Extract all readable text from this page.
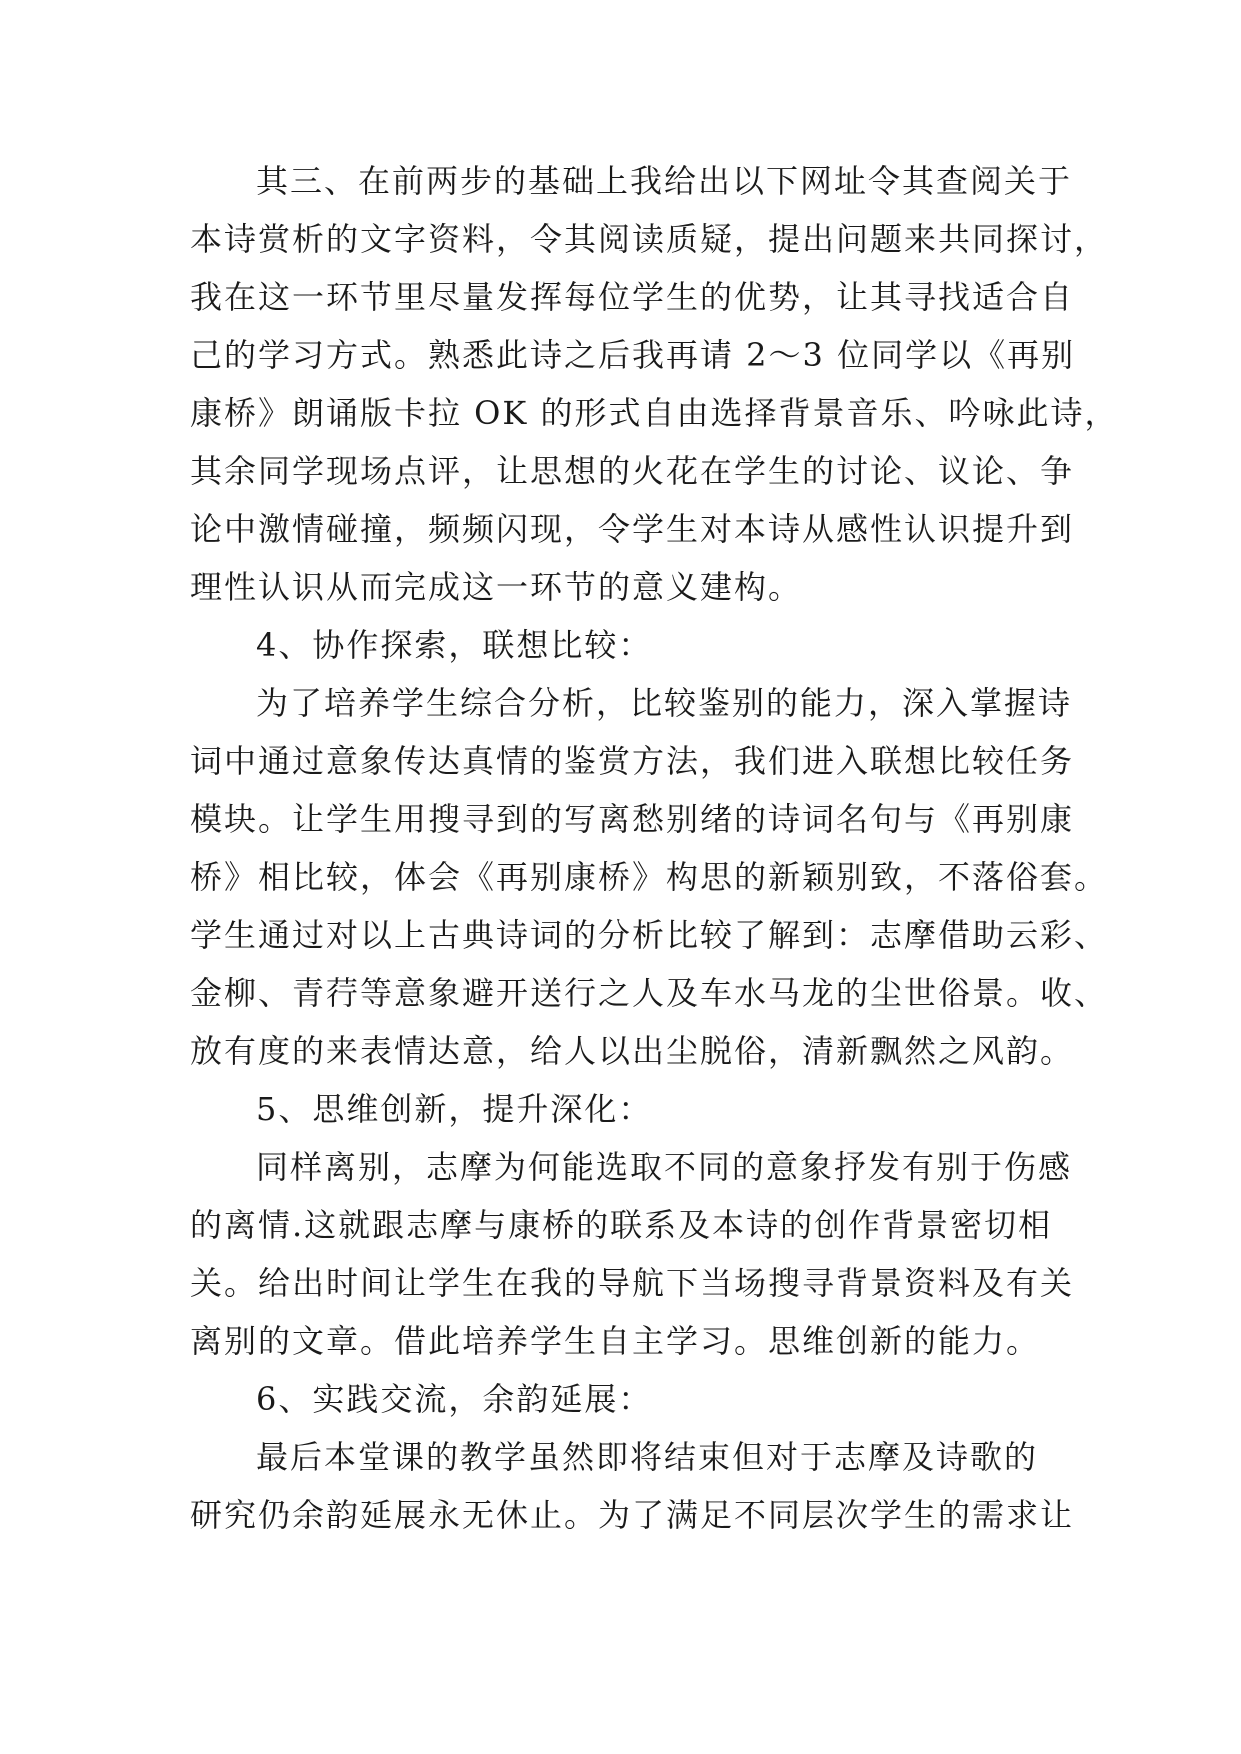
其三、在前两步的基础上我给出以下网址令其查阅关于
本诗赏析的文字资料，令其阅读质疑，提出问题来共同探讨，
我在这一环节里尽量发挥每位学生的优势，让其寻找适合自
己的学习方式。熟悉此诗之后我再请 2～3 位同学以《再别
康桥》朗诵版卡拉 OK 的形式自由选择背景音乐、吟咏此诗，
其余同学现场点评，让思想的火花在学生的讨论、议论、争
论中激情碰撞，频频闪现，令学生对本诗从感性认识提升到
理性认识从而完成这一环节的意义建构。
4、协作探索，联想比较：
为了培养学生综合分析，比较鉴别的能力，深入掌握诗
词中通过意象传达真情的鉴赏方法，我们进入联想比较任务
模块。让学生用搜寻到的写离愁别绪的诗词名句与《再别康
桥》相比较，体会《再别康桥》构思的新颖别致，不落俗套。
学生通过对以上古典诗词的分析比较了解到：志摩借助云彩、
金柳、青荇等意象避开送行之人及车水马龙的尘世俗景。收、
放有度的来表情达意，给人以出尘脱俗，清新飘然之风韵。
5、思维创新，提升深化：
同样离别，志摩为何能选取不同的意象抒发有别于伤感
的离情.这就跟志摩与康桥的联系及本诗的创作背景密切相
关。给出时间让学生在我的导航下当场搜寻背景资料及有关
离别的文章。借此培养学生自主学习。思维创新的能力。
6、实践交流，余韵延展：
最后本堂课的教学虽然即将结束但对于志摩及诗歌的
研究仍余韵延展永无休止。为了满足不同层次学生的需求让
